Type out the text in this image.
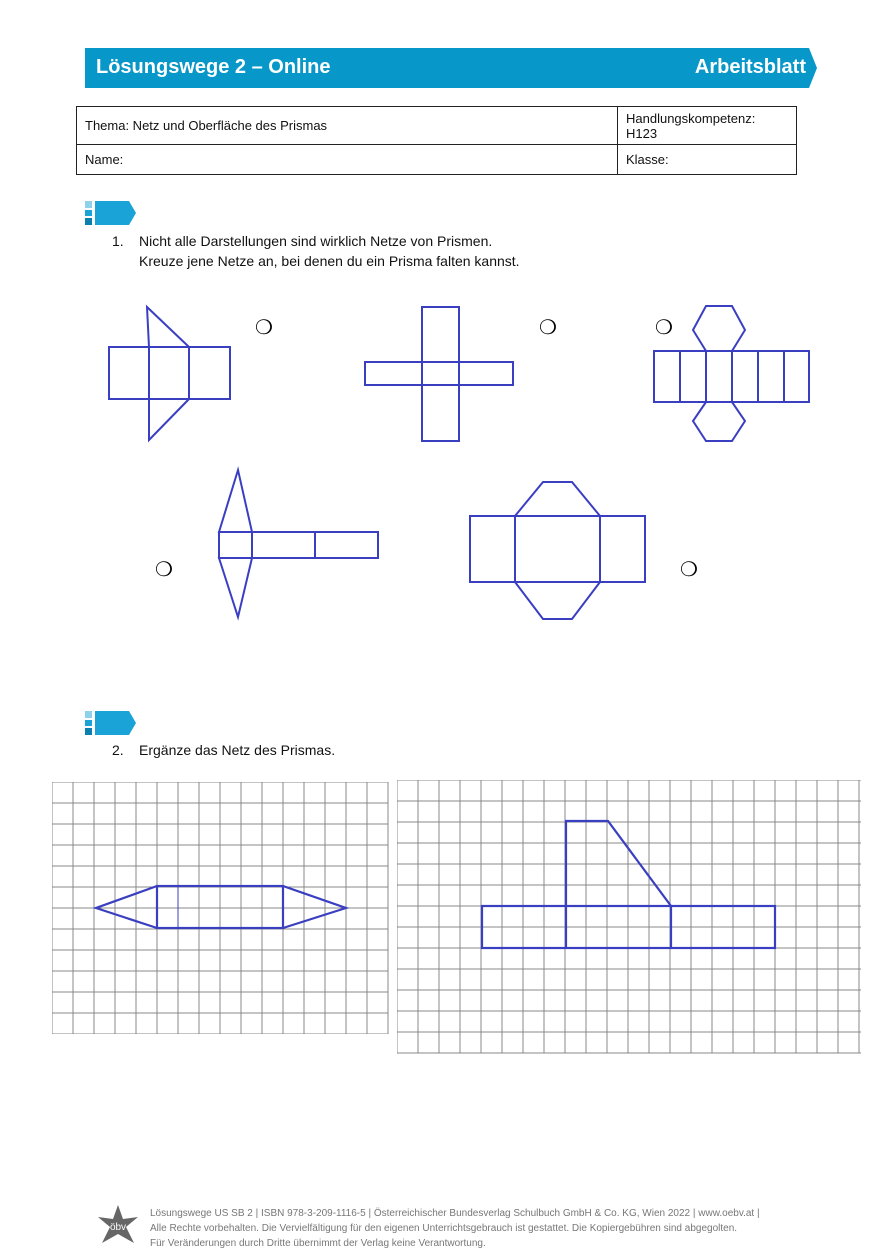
Lösungswege 2 – Online	Arbeitsblatt
Thema: Netz und Oberfläche des Prismas	Handlungskompetenz:
H123

Name:	Klasse:
1. Nicht alle Darstellungen sind wirklich Netze von Prismen.
Kreuze jene Netze an, bei denen du ein Prisma falten kannst.
❍	❍	❍
❍	❍
2. Ergänze das Netz des Prismas.
öbv
Lösungswege US SB 2 | ISBN 978-3-209-1116-5 | Österreichischer Bundesverlag Schulbuch GmbH & Co. KG, Wien 2022 | www.oebv.at |
Alle Rechte vorbehalten. Die Vervielfältigung für den eigenen Unterrichtsgebrauch ist gestattet. Die Kopiergebühren sind abgegolten.
Für Veränderungen durch Dritte übernimmt der Verlag keine Verantwortung.
